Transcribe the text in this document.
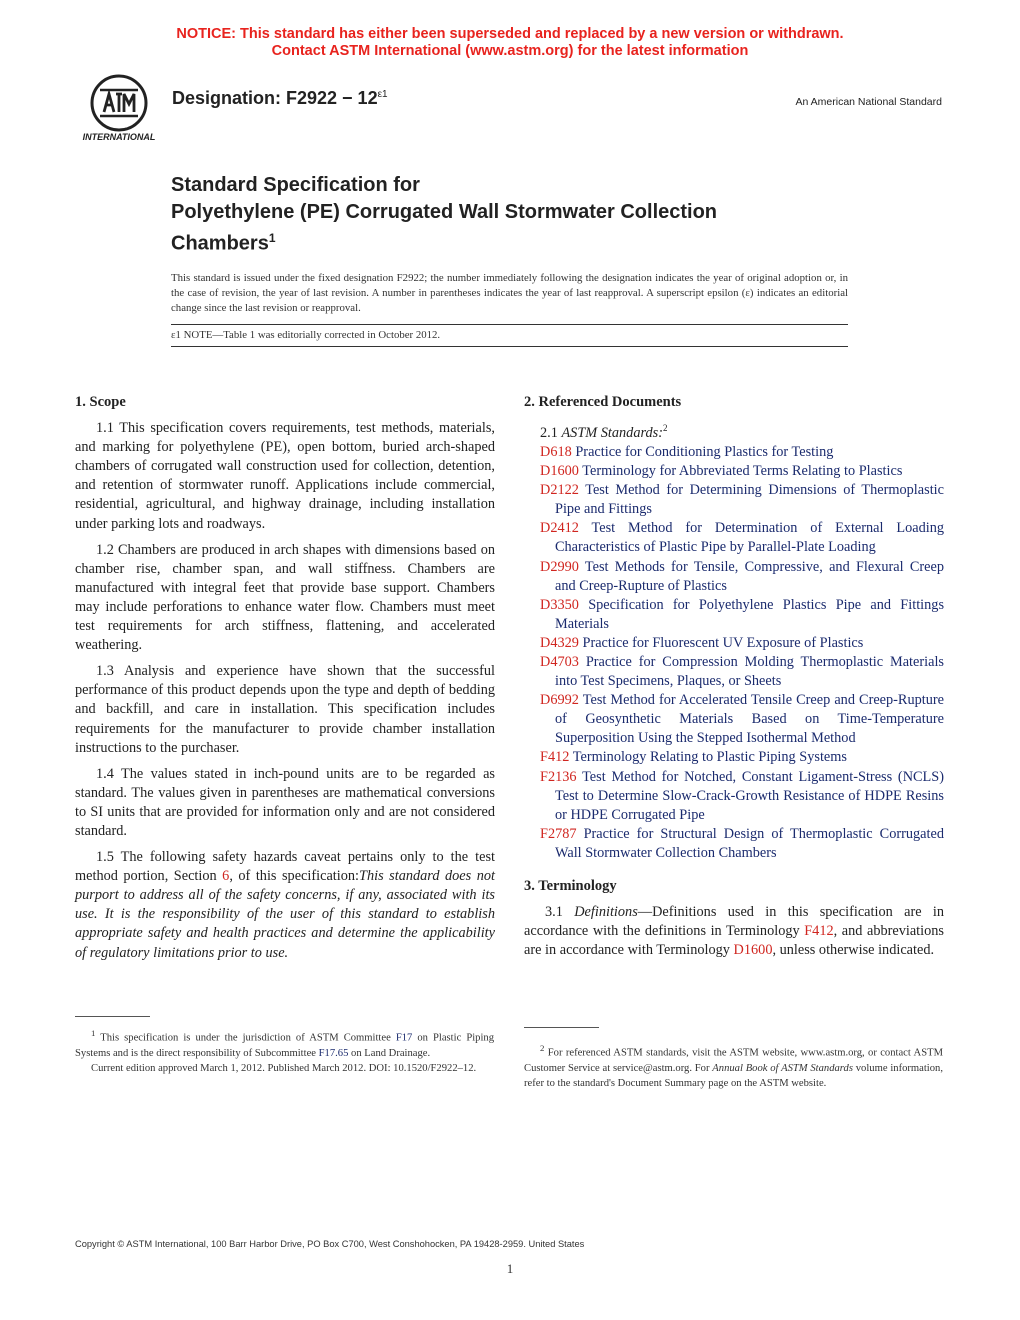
NOTICE: This standard has either been superseded and replaced by a new version or withdrawn.
Contact ASTM International (www.astm.org) for the latest information
INTERNATIONAL
Designation: $F2922 - 12^{\varepsilon 1}$
An American National Standard
Standard Specification for
Polyethylene (PE) Corrugated Wall Stormwater Collection
Chambers$^1$
This standard is issued under the fixed designation F2922; the number immediately following the designation indicates the year of original adoption or, in the case of revision, the year of last revision. A number in parentheses indicates the year of last reapproval. A superscript epsilon (ε) indicates an editorial change since the last revision or reapproval.
ε1 NOTE—Table 1 was editorially corrected in October 2012.
1. Scope

1.1 This specification covers requirements, test methods, materials, and marking for polyethylene (PE), open bottom, buried arch-shaped chambers of corrugated wall construction used for collection, detention, and retention of stormwater runoff. Applications include commercial, residential, agricultural, and highway drainage, including installation under parking lots and roadways.

1.2 Chambers are produced in arch shapes with dimensions based on chamber rise, chamber span, and wall stiffness. Chambers are manufactured with integral feet that provide base support. Chambers may include perforations to enhance water flow. Chambers must meet test requirements for arch stiffness, flattening, and accelerated weathering.

1.3 Analysis and experience have shown that the successful performance of this product depends upon the type and depth of bedding and backfill, and care in installation. This specification includes requirements for the manufacturer to provide chamber installation instructions to the purchaser.

1.4 The values stated in inch-pound units are to be regarded as standard. The values given in parentheses are mathematical conversions to SI units that are provided for information only and are not considered standard.

1.5 The following safety hazards caveat pertains only to the test method portion, Section 6, of this specification:This standard does not purport to address all of the safety concerns, if any, associated with its use. It is the responsibility of the user of this standard to establish appropriate safety and health practices and determine the applicability of regulatory limitations prior to use.

2. Referenced Documents
2.1 ASTM Standards:$^2$

D618 Practice for Conditioning Plastics for Testing

D1600 Terminology for Abbreviated Terms Relating to Plastics

D2122 Test Method for Determining Dimensions of Thermoplastic Pipe and Fittings

D2412 Test Method for Determination of External Loading Characteristics of Plastic Pipe by Parallel-Plate Loading

D2990 Test Methods for Tensile, Compressive, and Flexural Creep and Creep-Rupture of Plastics

D3350 Specification for Polyethylene Plastics Pipe and Fittings Materials

D4329 Practice for Fluorescent UV Exposure of Plastics

D4703 Practice for Compression Molding Thermoplastic Materials into Test Specimens, Plaques, or Sheets

D6992 Test Method for Accelerated Tensile Creep and Creep-Rupture of Geosynthetic Materials Based on Time-Temperature Superposition Using the Stepped Isothermal Method

F412 Terminology Relating to Plastic Piping Systems

F2136 Test Method for Notched, Constant Ligament-Stress (NCLS) Test to Determine Slow-Crack-Growth Resistance of HDPE Resins or HDPE Corrugated Pipe

F2787 Practice for Structural Design of Thermoplastic Corrugated Wall Stormwater Collection Chambers

3. Terminology

3.1 Definitions—Definitions used in this specification are in accordance with the definitions in Terminology F412, and abbreviations are in accordance with Terminology D1600, unless otherwise indicated.

$^1$ This specification is under the jurisdiction of ASTM Committee F17 on Plastic Piping Systems and is the direct responsibility of Subcommittee F17.65 on Land Drainage.
Current edition approved March 1, 2012. Published March 2012. DOI: 10.1520/F2922–12.
$^2$ For referenced ASTM standards, visit the ASTM website, www.astm.org, or contact ASTM Customer Service at service@astm.org. For Annual Book of ASTM Standards volume information, refer to the standard's Document Summary page on the ASTM website.
Copyright © ASTM International, 100 Barr Harbor Drive, PO Box C700, West Conshohocken, PA 19428-2959. United States
1
